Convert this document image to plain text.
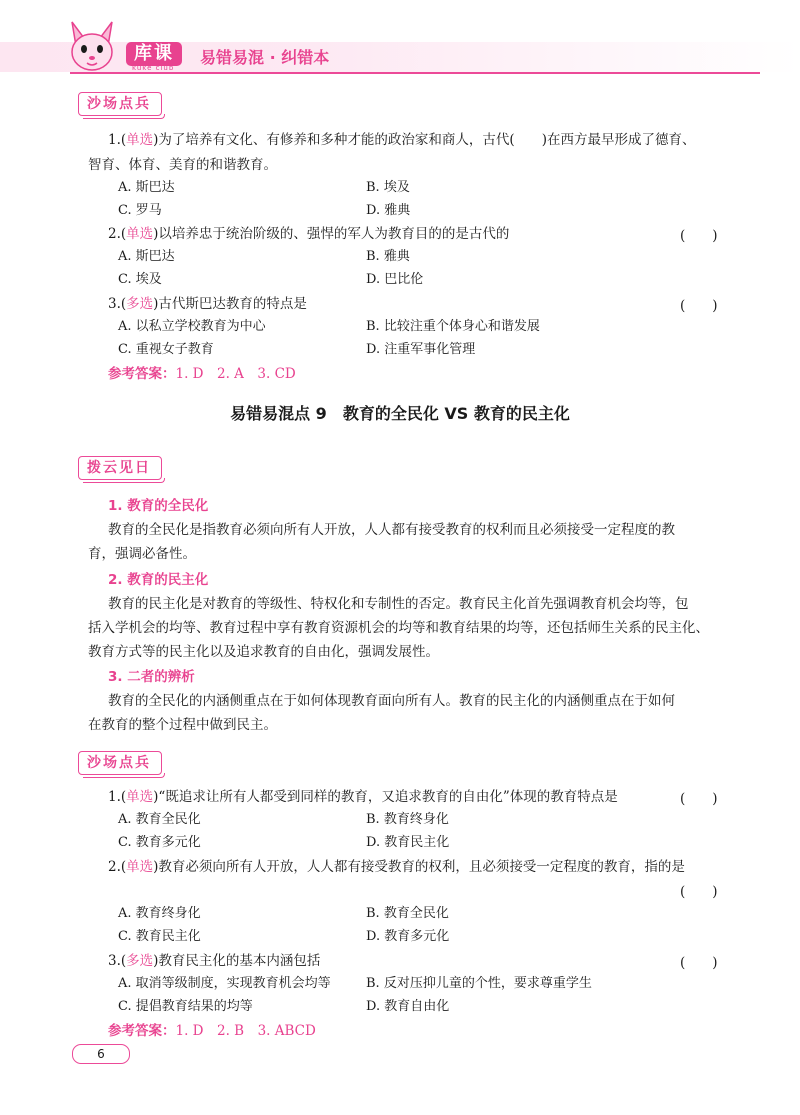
库课
kuke club
易错易混 · 纠错本
沙场点兵
1.(单选)为了培养有文化、有修养和多种才能的政治家和商人，古代(　　)在西方最早形成了德育、
智育、体育、美育的和谐教育。
A. 斯巴达	B. 埃及
C. 罗马	D. 雅典
2.(单选)以培养忠于统治阶级的、强悍的军人为教育目的的是古代的	(　　)
A. 斯巴达	B. 雅典
C. 埃及	D. 巴比伦
3.(多选)古代斯巴达教育的特点是	(　　)
A. 以私立学校教育为中心	B. 比较注重个体身心和谐发展
C. 重视女子教育	D. 注重军事化管理
参考答案：1. D　2. A　3. CD
易错易混点 9　教育的全民化 VS 教育的民主化
拨云见日
1. 教育的全民化
教育的全民化是指教育必须向所有人开放，人人都有接受教育的权利而且必须接受一定程度的教
育，强调必备性。
2. 教育的民主化
教育的民主化是对教育的等级性、特权化和专制性的否定。教育民主化首先强调教育机会均等，包
括入学机会的均等、教育过程中享有教育资源机会的均等和教育结果的均等，还包括师生关系的民主化、
教育方式等的民主化以及追求教育的自由化，强调发展性。
3. 二者的辨析
教育的全民化的内涵侧重点在于如何体现教育面向所有人。教育的民主化的内涵侧重点在于如何
在教育的整个过程中做到民主。
沙场点兵
1.(单选)“既追求让所有人都受到同样的教育，又追求教育的自由化”体现的教育特点是	(　　)
A. 教育全民化	B. 教育终身化
C. 教育多元化	D. 教育民主化
2.(单选)教育必须向所有人开放，人人都有接受教育的权利，且必须接受一定程度的教育，指的是
(　　)
A. 教育终身化	B. 教育全民化
C. 教育民主化	D. 教育多元化
3.(多选)教育民主化的基本内涵包括	(　　)
A. 取消等级制度，实现教育机会均等	B. 反对压抑儿童的个性，要求尊重学生
C. 提倡教育结果的均等	D. 教育自由化
参考答案：1. D　2. B　3. ABCD
6
